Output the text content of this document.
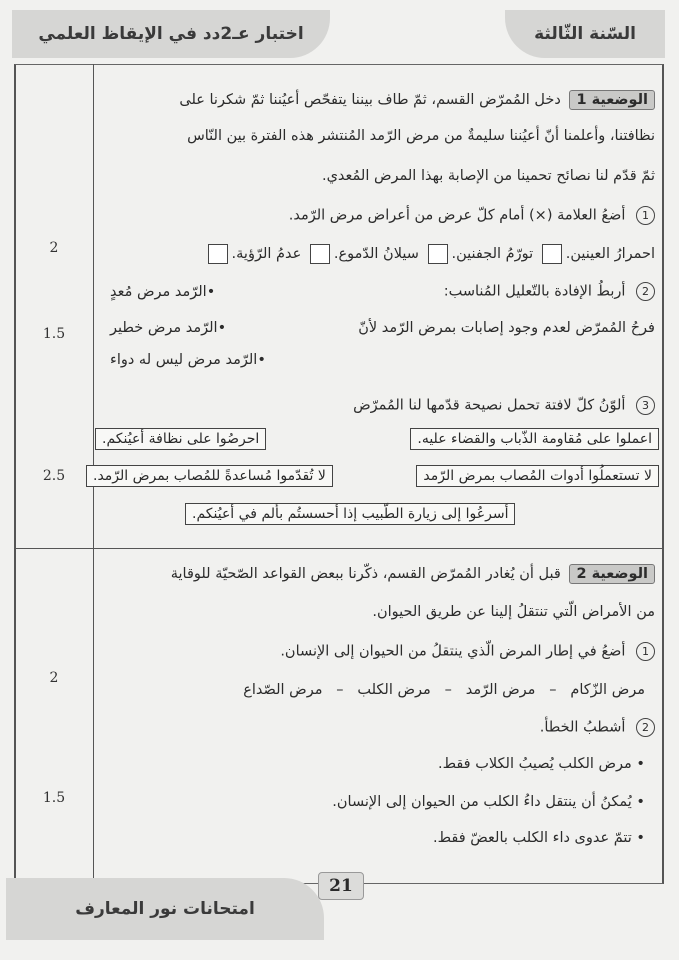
اختبار عـ2دد في الإيقاظ العلمي	السّنة الثّالثة
الوضعية 1 دخل المُمرّض القسم، ثمّ طاف بيننا يتفحّص أعيُننا ثمّ شكرنا على
نظافتنا، وأعلمنا أنّ أعيُننا سليمةٌ من مرض الرّمد المُنتشر هذه الفترة بين النّاس
ثمّ قدّم لنا نصائح تحمينا من الإصابة بهذا المرض المُعدي.
1 أضعُ العلامة (×) أمام كلّ عرض من أعراض مرض الرّمد.
احمرارُ العينين. تورّمُ الجفنين. سيلانُ الدّموع. عدمُ الرّؤية.
2
2 أربطُ الإفادة بالتّعليل المُناسب:
•الرّمد مرض مُعدٍ
فرحُ المُمرّض لعدم وجود إصابات بمرض الرّمد لأنّ
•الرّمد مرض خطير
•الرّمد مرض ليس له دواء
1.5
3 ألوّنُ كلّ لافتة تحمل نصيحة قدّمها لنا المُمرّض
احرصُوا على نظافة أعيُنكم.	اعملوا على مُقاومة الذّباب والقضاء عليه.
لا تُقدّموا مُساعدةً للمُصاب بمرض الرّمد.	لا تستعملُوا أدوات المُصاب بمرض الرّمد
أسرعُوا إلى زيارة الطّبيب إذا أحسستُم بألم في أعيُنكم.
2.5
الوضعية 2 قبل أن يُغادر المُمرّض القسم، ذكّرنا ببعض القواعد الصّحيّة للوقاية
من الأمراض الّتي تنتقلُ إلينا عن طريق الحيوان.
1 أضعُ في إطار المرض الّذي ينتقلُ من الحيوان إلى الإنسان.
مرض الزّكام   –   مرض الرّمد   –   مرض الكلب   –   مرض الصّداع
2
2 أشطبُ الخطأ.
• مرض الكلب يُصيبُ الكلاب فقط.
• يُمكنُ أن ينتقل داءُ الكلب من الحيوان إلى الإنسان.
• تتمّ عدوى داء الكلب بالعضّ فقط.
1.5
امتحانات نور المعارف
21
